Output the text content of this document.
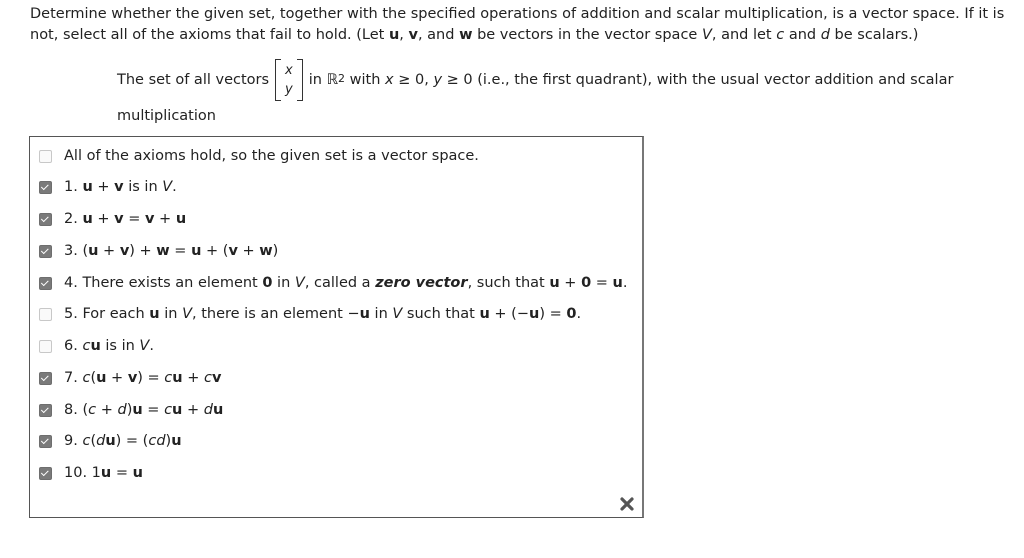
Determine whether the given set, together with the specified operations of addition and scalar multiplication, is a vector space. If it is
not, select all of the axioms that fail to hold. (Let u, v, and w be vectors in the vector space V, and let c and d be scalars.)
The set of all vectors
x
y
in
ℝ$^2$
with
x ≥ 0, y ≥ 0 (i.e., the first quadrant), with the usual vector addition and scalar
multiplication
All of the axioms hold, so the given set is a vector space.
1. u + v is in V.
2. u + v = v + u
3. (u + v) + w = u + (v + w)
4. There exists an element 0 in V, called a zero vector, such that u + 0 = u.
5. For each u in V, there is an element −u in V such that u + (−u) = 0.
6. cu is in V.
7. c(u + v) = cu + cv
8. (c + d)u = cu + du
9. c(du) = (cd)u
10. 1u = u
